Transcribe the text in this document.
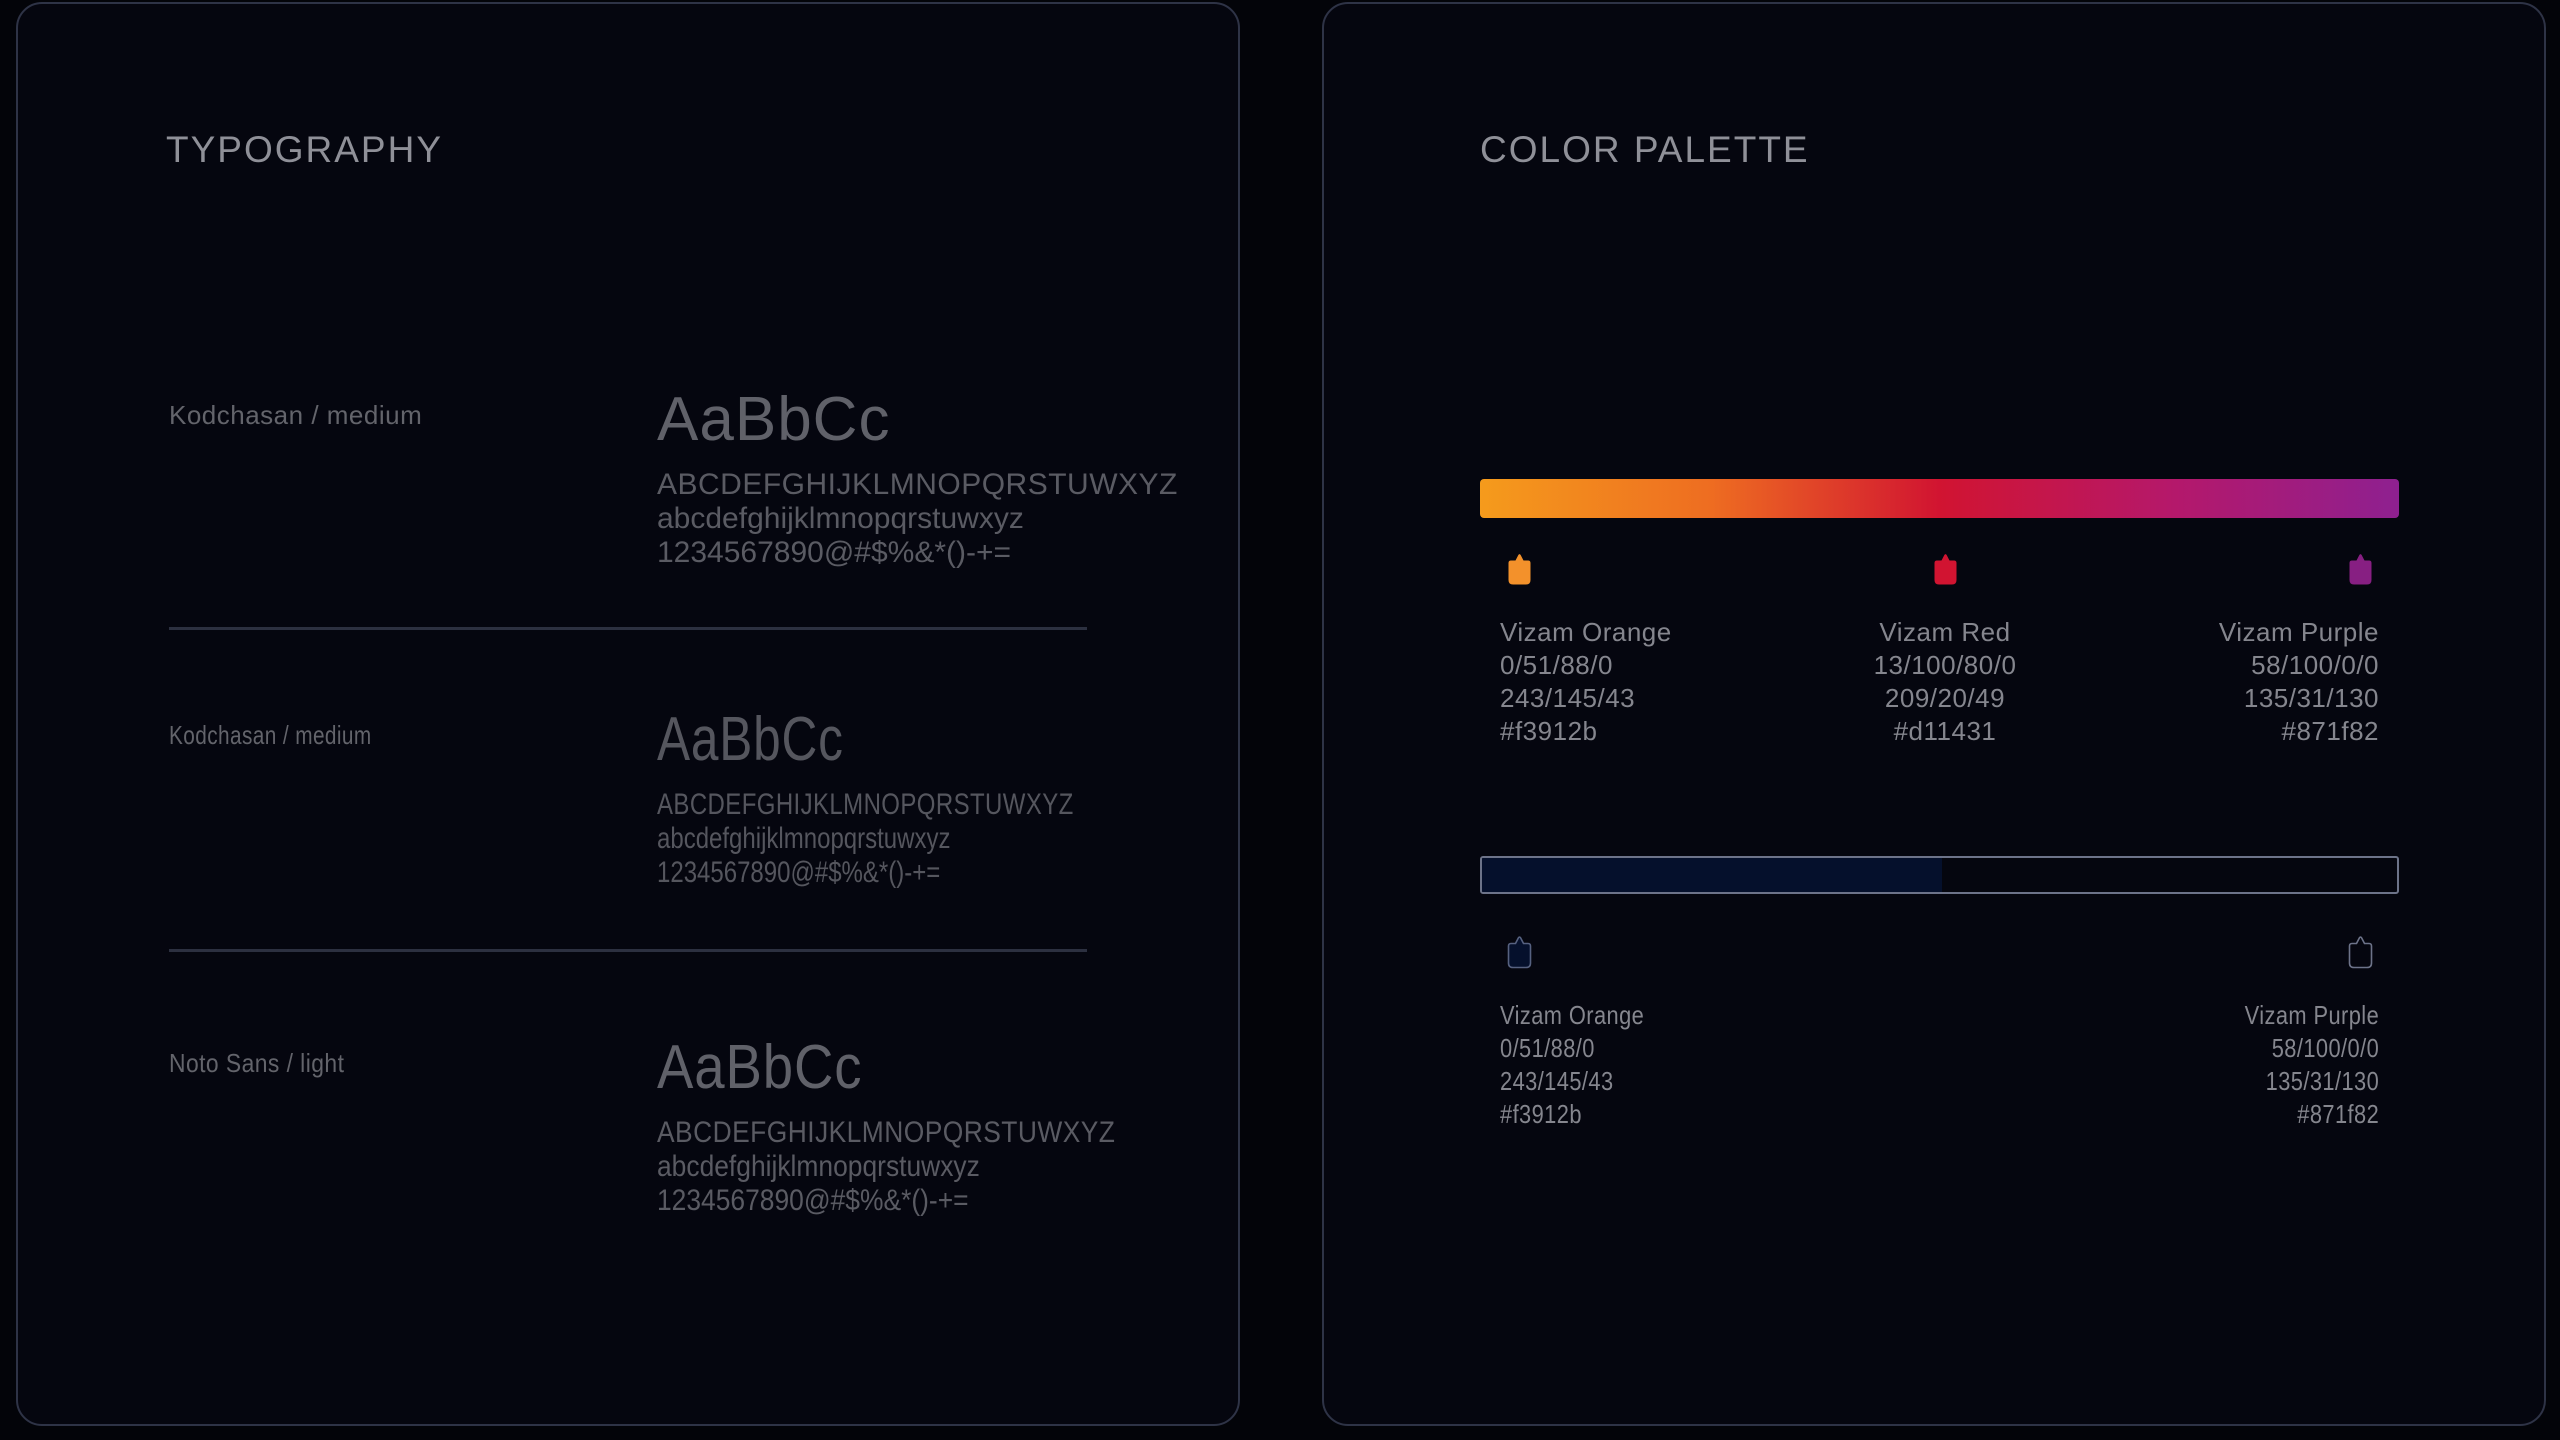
TYPOGRAPHY
Kodchasan / medium	AaBbCc
ABCDEFGHIJKLMNOPQRSTUWXYZ
abcdefghijklmnopqrstuwxyz
1234567890@#$%&*()-+=
Kodchasan / medium	AaBbCc
ABCDEFGHIJKLMNOPQRSTUWXYZ
abcdefghijklmnopqrstuwxyz
1234567890@#$%&*()-+=
Noto Sans / light	AaBbCc
ABCDEFGHIJKLMNOPQRSTUWXYZ
abcdefghijklmnopqrstuwxyz
1234567890@#$%&*()-+=
COLOR PALETTE
Vizam Orange
0/51/88/0
243/145/43
#f3912b
Vizam Red
13/100/80/0
209/20/49
#d11431
Vizam Purple
58/100/0/0
135/31/130
#871f82
Vizam Orange
0/51/88/0
243/145/43
#f3912b
Vizam Purple
58/100/0/0
135/31/130
#871f82
